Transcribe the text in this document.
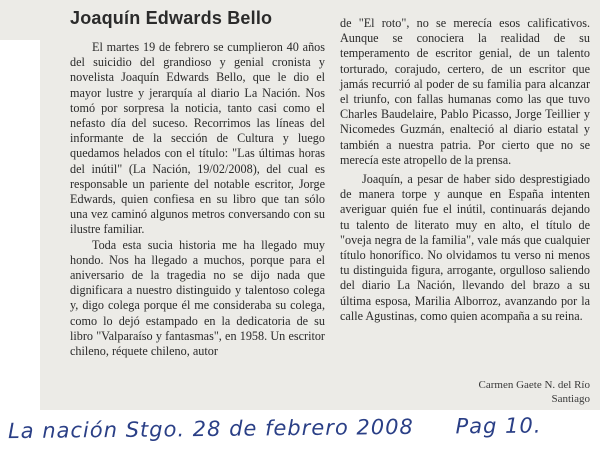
Joaquín Edwards Bello

El martes 19 de febrero se cumplieron 40 años del suicidio del grandioso y genial cronista y novelista Joaquín Edwards Bello, que le dio el mayor lustre y jerarquía al diario La Nación. Nos tomó por sorpresa la noticia, tanto casi como el nefasto día del suceso. Recorrimos las líneas del informante de la sección de Cultura y luego quedamos helados con el título: "Las últimas horas del inútil" (La Nación, 19/02/2008), del cual es responsable un pariente del notable escritor, Jorge Edwards, quien confiesa en su libro que tan sólo una vez caminó algunos metros conversando con su ilustre familiar.

Toda esta sucia historia me ha llegado muy hondo. Nos ha llegado a muchos, porque para el aniversario de la tragedia no se dijo nada que dignificara a nuestro distinguido y talentoso colega y, digo colega porque él me consideraba su colega, como lo dejó estampado en la dedicatoria de su libro "Valparaíso y fantasmas", en 1958. Un escritor chileno, réquete chileno, autor

de "El roto", no se merecía esos calificativos. Aunque se conociera la realidad de su temperamento de escritor genial, de un talento torturado, corajudo, certero, de un escritor que jamás recurrió al poder de su familia para alcanzar el triunfo, con fallas humanas como las que tuvo Charles Baudelaire, Pablo Picasso, Jorge Teillier y Nicomedes Guzmán, enalteció al diario estatal y también a nuestra patria. Por cierto que no se merecía este atropello de la prensa.

Joaquín, a pesar de haber sido desprestigiado de manera torpe y aunque en España intenten averiguar quién fue el inútil, continuarás dejando tu talento de literato muy en alto, el título de "oveja negra de la familia", vale más que cualquier título honorífico. No olvidamos tu verso ni menos tu distinguida figura, arrogante, orgulloso saliendo del diario La Nación, llevando del brazo a su última esposa, Marilia Alborroz, avanzando por la calle Agustinas, como quien acompaña a su reina.

Carmen Gaete N. del Río
Santiago
La nación Stgo. 28 de febrero 2008 Pag 10.
